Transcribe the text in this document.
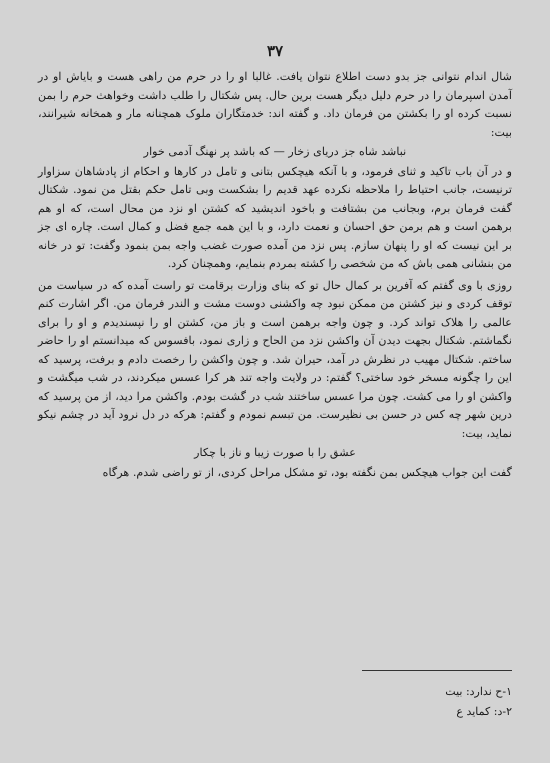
۳۷

شال اندام نتوانی جز بدو دست اطلاع نتوان یافت. غالبا او را در حرم من راهی هست و بایاش او در آمدن اسپرمان را در حرم دلیل دیگر هست برین حال. پس شکتال را طلب داشت وخواهث حرم را بمن نسبت کرده او را بکشتن من فرمان داد. و گفته اند: خدمتگاران ملوک همچنانه مار و همخانه شیرانند، بیت:

نباشد شاه جز دریای زخار — که باشد پر نهنگ آدمی خوار

و در آن باب تاکید و ثنای فرمود، و با آنکه هیچکس بتانی و تامل در کارها و احکام از پادشاهان سزاوار ترنیست، جانب احتیاط را ملاحظه نکرده عهد قدیم را بشکست وبی تامل حکم بقتل من نمود. شکتال گفت فرمان برم، وبجانب من بشتافت و باخود اندیشید که کشتن او نزد من محال است، که او هم برهمن است و هم برمن حق احسان و نعمت دارد، و با این همه جمع فضل و کمال است. چاره ای جز بر این نیست که او را پنهان سازم. پس نزد من آمده صورت غضب واجه بمن بنمود وگفت: تو در خانه من بنشانی همی باش که من شخصی را کشته بمردم بنمایم، وهمچنان کرد.

روزی با وی گفتم که آفرین بر کمال حال تو که بنای وزارت برقامت تو راست آمده که در سیاست من توقف کردی و نیز کشتن من ممکن نبود چه واکشنی دوست مشت و الندر فرمان من. اگر اشارت کنم عالمی را هلاک تواند کرد. و چون واجه برهمن است و باز من، کشتن او را نپسندیدم و او را برای نگماشتم. شکتال بجهت دیدن آن واکشن نزد من الحاح و زاری نمود، بافسوس که میدانستم او را حاضر ساختم. شکتال مهیب در نظرش در آمد، حیران شد. و چون واکشن را رخصت دادم و برفت، پرسید که این را چگونه مسخر خود ساختی؟ گفتم: در ولایت واجه تند هر کرا عسس میکردند، در شب میگشت و واکشن او را می کشت. چون مرا عسس ساختند شب در گشت بودم. واکشن مرا دید، از من پرسید که درین شهر چه کس در حسن بی نظیرست. من تبسم نمودم و گفتم: هرکه در دل نرود آید در چشم نیکو نماید، بیت:

عشق را با صورت زیبا و ناز با چکار

گفت این جواب هیچکس بمن نگفته بود، تو مشکل مراحل کردی، از تو راضی شدم. هرگاه

۱-ح ندارد: بیت
۲-د: کماید ع
